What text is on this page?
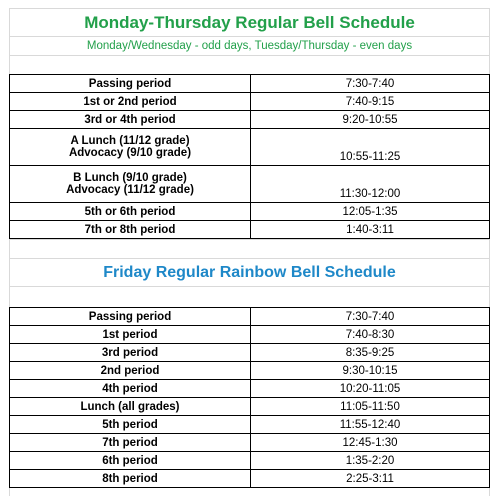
Monday-Thursday Regular Bell Schedule
Monday/Wednesday - odd days, Tuesday/Thursday - even days
Passing period	7:30-7:40
1st or 2nd period	7:40-9:15
3rd or 4th period	9:20-10:55

A Lunch (11/12 grade)
Advocacy (9/10 grade)	10:55-11:25

B Lunch (9/10 grade)
Advocacy (11/12 grade)	11:30-12:00
5th or 6th period	12:05-1:35
7th or 8th period	1:40-3:11
Friday Regular Rainbow Bell Schedule
Passing period	7:30-7:40
1st period	7:40-8:30
3rd period	8:35-9:25
2nd period	9:30-10:15
4th period	10:20-11:05
Lunch (all grades)	11:05-11:50
5th period	11:55-12:40
7th period	12:45-1:30
6th period	1:35-2:20
8th period	2:25-3:11
